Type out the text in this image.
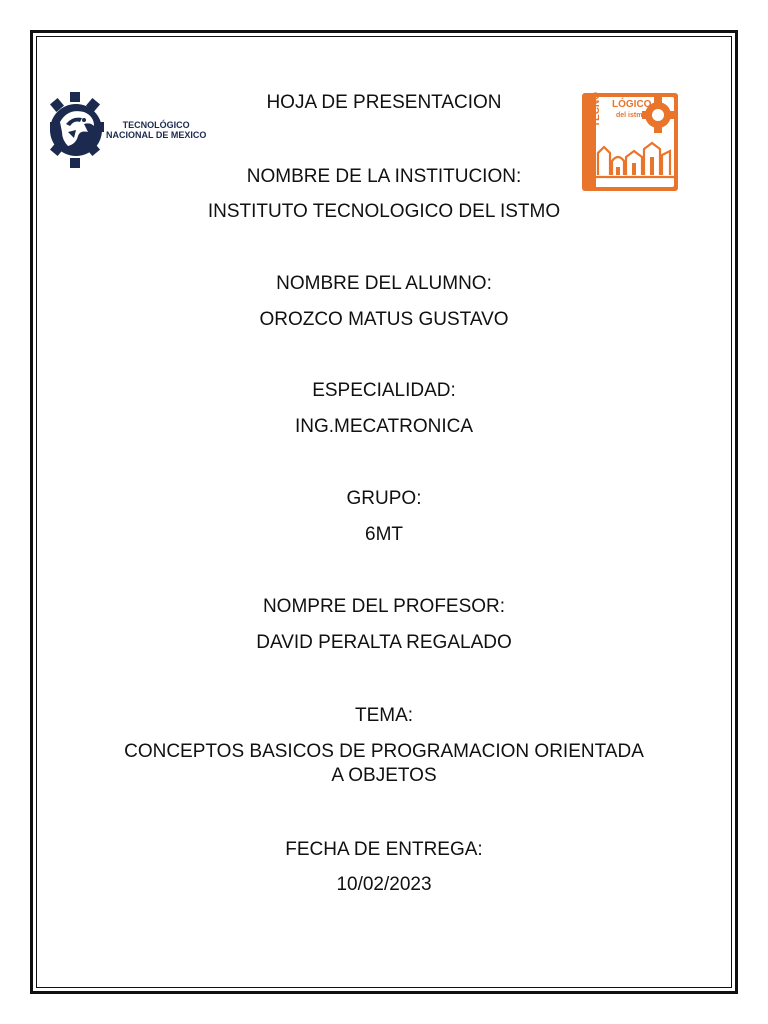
TECNOLÓGICO
NACIONAL DE MEXICO
TECNO LÓGICO
del istmo
HOJA DE PRESENTACION
NOMBRE DE LA INSTITUCION:
INSTITUTO TECNOLOGICO DEL ISTMO
NOMBRE DEL ALUMNO:
OROZCO MATUS GUSTAVO
ESPECIALIDAD:
ING.MECATRONICA
GRUPO:
6MT
NOMPRE DEL PROFESOR:
DAVID PERALTA REGALADO
TEMA:
CONCEPTOS BASICOS DE PROGRAMACION ORIENTADA
A OBJETOS
FECHA DE ENTREGA:
10/02/2023
